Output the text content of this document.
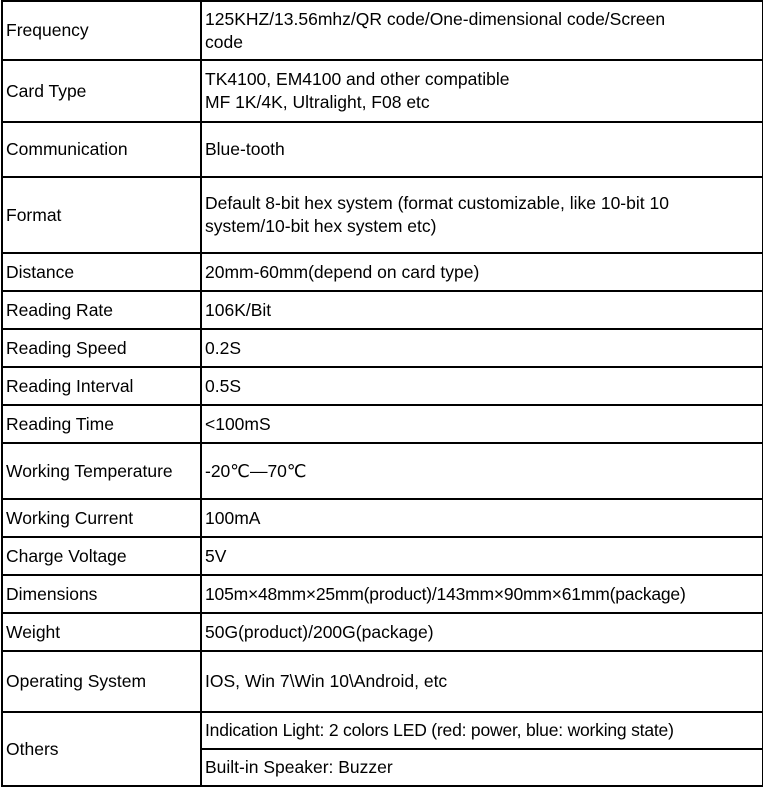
Frequency	125KHZ/13.56mhz/QR code/One-dimensional code/Screen
code
Card Type	TK4100, EM4100 and other compatible
MF 1K/4K, Ultralight, F08 etc
Communication	Blue-tooth
Format	Default 8-bit hex system (format customizable, like 10-bit 10
system/10-bit hex system etc)
Distance	20mm-60mm(depend on card type)
Reading Rate	106K/Bit
Reading Speed	0.2S
Reading Interval	0.5S
Reading Time	<100mS
Working Temperature	-20℃—70℃
Working Current	100mA
Charge Voltage	5V
Dimensions	105m×48mm×25mm(product)/143mm×90mm×61mm(package)
Weight	50G(product)/200G(package)
Operating System	IOS, Win 7\Win 10\Android, etc
Others	Indication Light: 2 colors LED (red: power, blue: working state)
	Built-in Speaker: Buzzer
